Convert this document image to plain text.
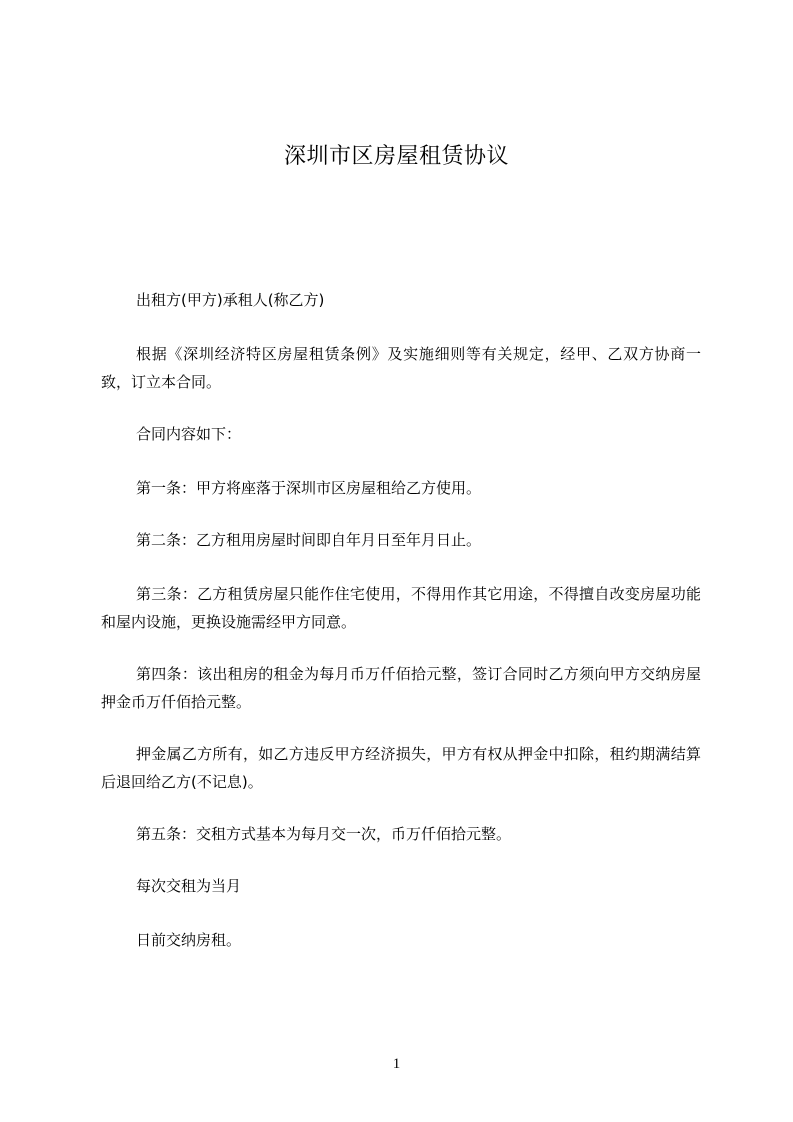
深圳市区房屋租赁协议

出租方(甲方)承租人(称乙方)

根据《深圳经济特区房屋租赁条例》及实施细则等有关规定，经甲、乙双方协商一致，订立本合同。

合同内容如下：

第一条：甲方将座落于深圳市区房屋租给乙方使用。

第二条：乙方租用房屋时间即自年月日至年月日止。

第三条：乙方租赁房屋只能作住宅使用，不得用作其它用途，不得擅自改变房屋功能和屋内设施，更换设施需经甲方同意。

第四条：该出租房的租金为每月币万仟佰拾元整，签订合同时乙方须向甲方交纳房屋押金币万仟佰拾元整。

押金属乙方所有，如乙方违反甲方经济损失，甲方有权从押金中扣除，租约期满结算后退回给乙方(不记息)。

第五条：交租方式基本为每月交一次，币万仟佰拾元整。

每次交租为当月

日前交纳房租。

1
